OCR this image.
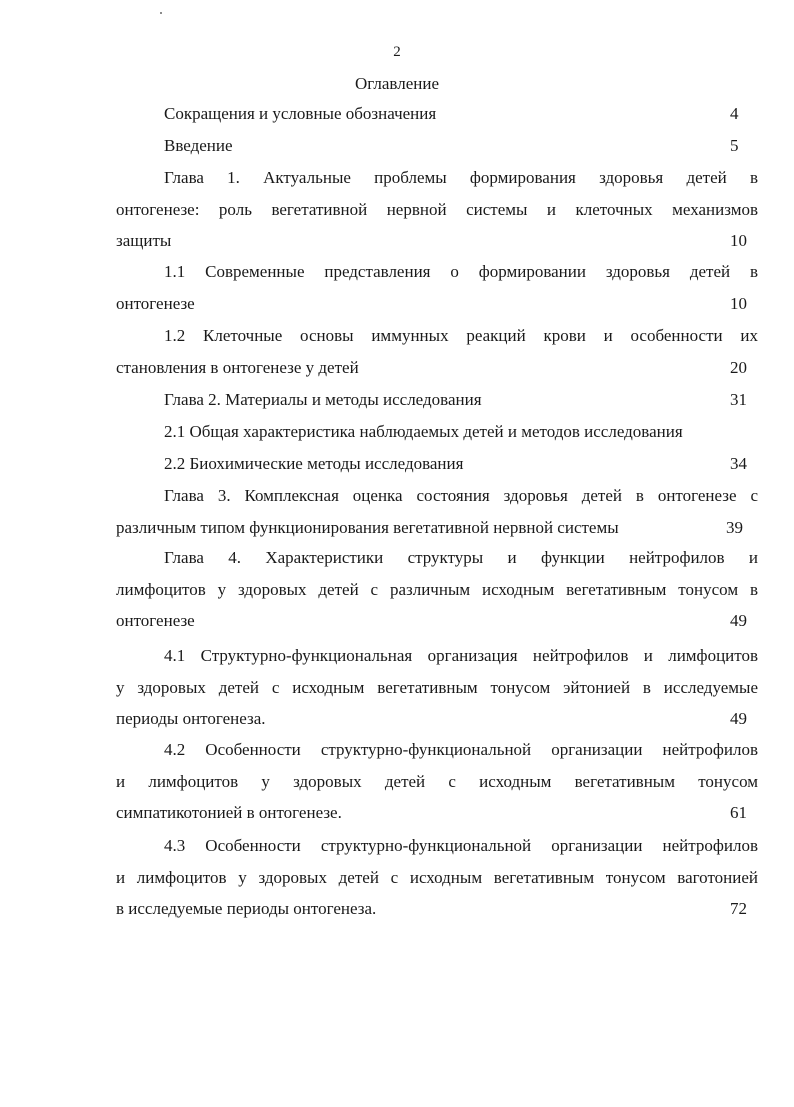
2
Оглавление
Сокращения и условные обозначения	4
Введение	5
Глава 1. Актуальные проблемы формирования здоровья детей в
онтогенезе: роль вегетативной нервной системы и клеточных механизмов
защиты	10
1.1 Современные представления о формировании здоровья детей в
онтогенезе	10
1.2 Клеточные основы иммунных реакций крови и особенности их
становления в онтогенезе у детей	20
Глава 2. Материалы и методы исследования	31
2.1 Общая характеристика наблюдаемых детей и методов исследования
2.2 Биохимические методы исследования	34
Глава 3. Комплексная оценка состояния здоровья детей в онтогенезе с
различным типом функционирования вегетативной нервной системы	39
Глава 4. Характеристики структуры и функции нейтрофилов и
лимфоцитов у здоровых детей с различным исходным вегетативным тонусом в
онтогенезе	49
4.1 Структурно-функциональная организация нейтрофилов и лимфоцитов
у здоровых детей с исходным вегетативным тонусом эйтонией в исследуемые
периоды онтогенеза.	49
4.2 Особенности структурно-функциональной организации нейтрофилов
и лимфоцитов у здоровых детей с исходным вегетативным тонусом
симпатикотонией в онтогенезе.	61
4.3 Особенности структурно-функциональной организации нейтрофилов
и лимфоцитов у здоровых детей с исходным вегетативным тонусом ваготонией
в исследуемые периоды онтогенеза.	72
